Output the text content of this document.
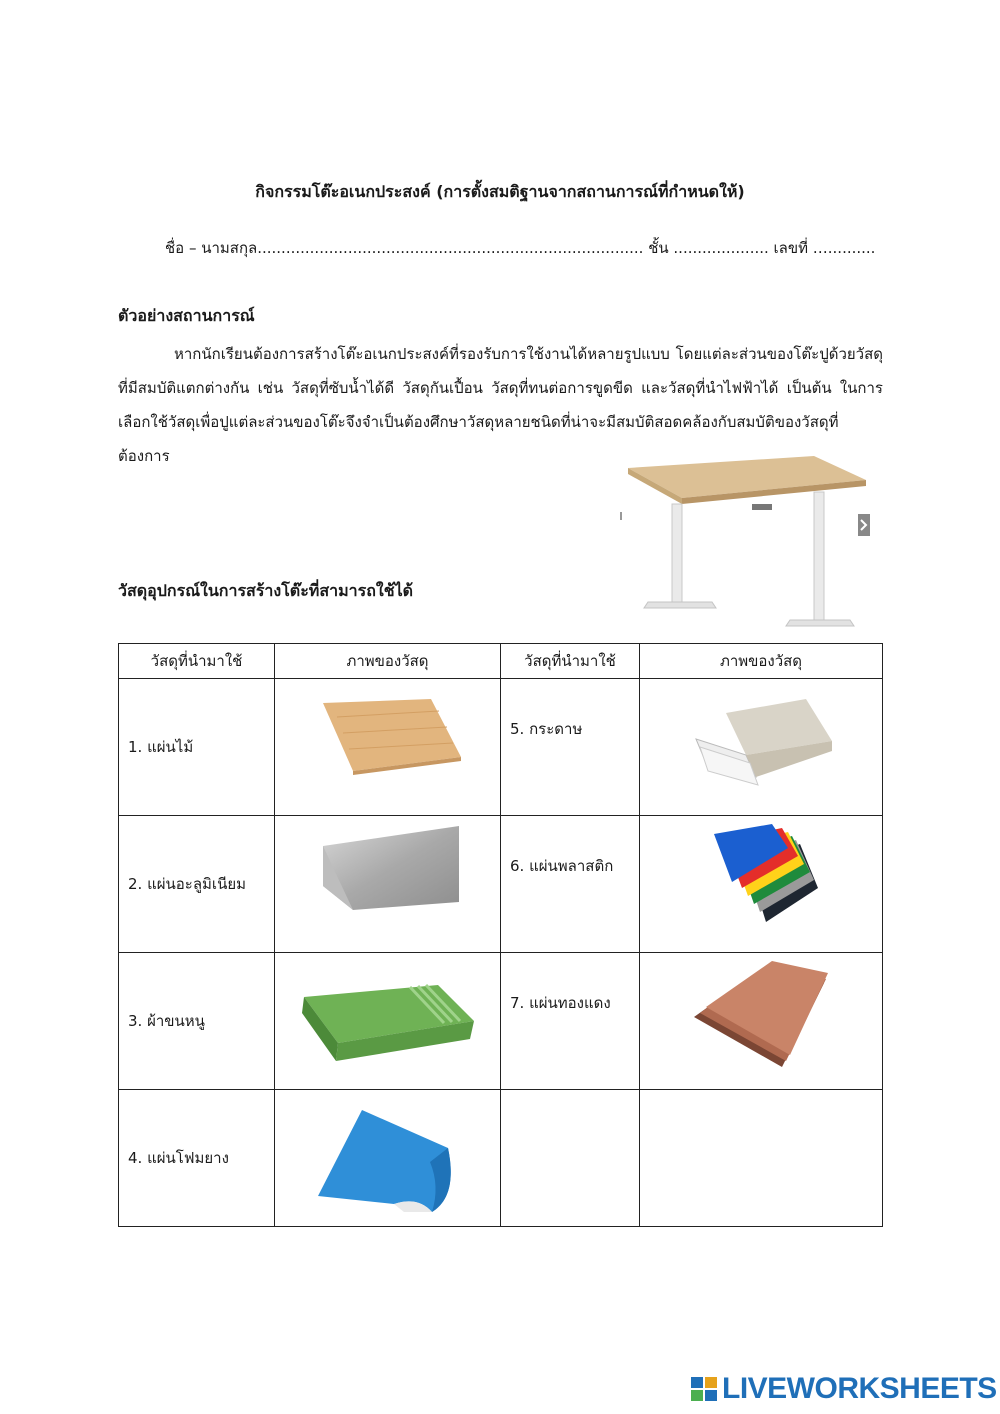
กิจกรรมโต๊ะอเนกประสงค์ (การตั้งสมติฐานจากสถานการณ์ที่กำหนดให้)
ชื่อ – นามสกุล................................................................................. ชั้น .................... เลขที่ …..........
ตัวอย่างสถานการณ์
หากนักเรียนต้องการสร้างโต๊ะอเนกประสงค์ที่รองรับการใช้งานได้หลายรูปแบบ โดยแต่ละส่วนของโต๊ะปูด้วยวัสดุที่มีสมบัติแตกต่างกัน เช่น วัสดุที่ซับน้ำได้ดี วัสดุกันเปื้อน วัสดุที่ทนต่อการขูดขีด และวัสดุที่นำไฟฟ้าได้ เป็นต้น ในการเลือกใช้วัสดุเพื่อปูแต่ละส่วนของโต๊ะจึงจำเป็นต้องศึกษาวัสดุหลายชนิดที่น่าจะมีสมบัติสอดคล้องกับสมบัติของวัสดุที่ต้องการ
วัสดุอุปกรณ์ในการสร้างโต๊ะที่สามารถใช้ได้
วัสดุที่นำมาใช้	ภาพของวัสดุ	วัสดุที่นำมาใช้	ภาพของวัสดุ

1. แผ่นไม้		5. กระดาษ

2. แผ่นอะลูมิเนียม		6. แผ่นพลาสติก

3. ผ้าขนหนู		7. แผ่นทองแดง

4. แผ่นโฟมยาง

LIVEWORKSHEETS
